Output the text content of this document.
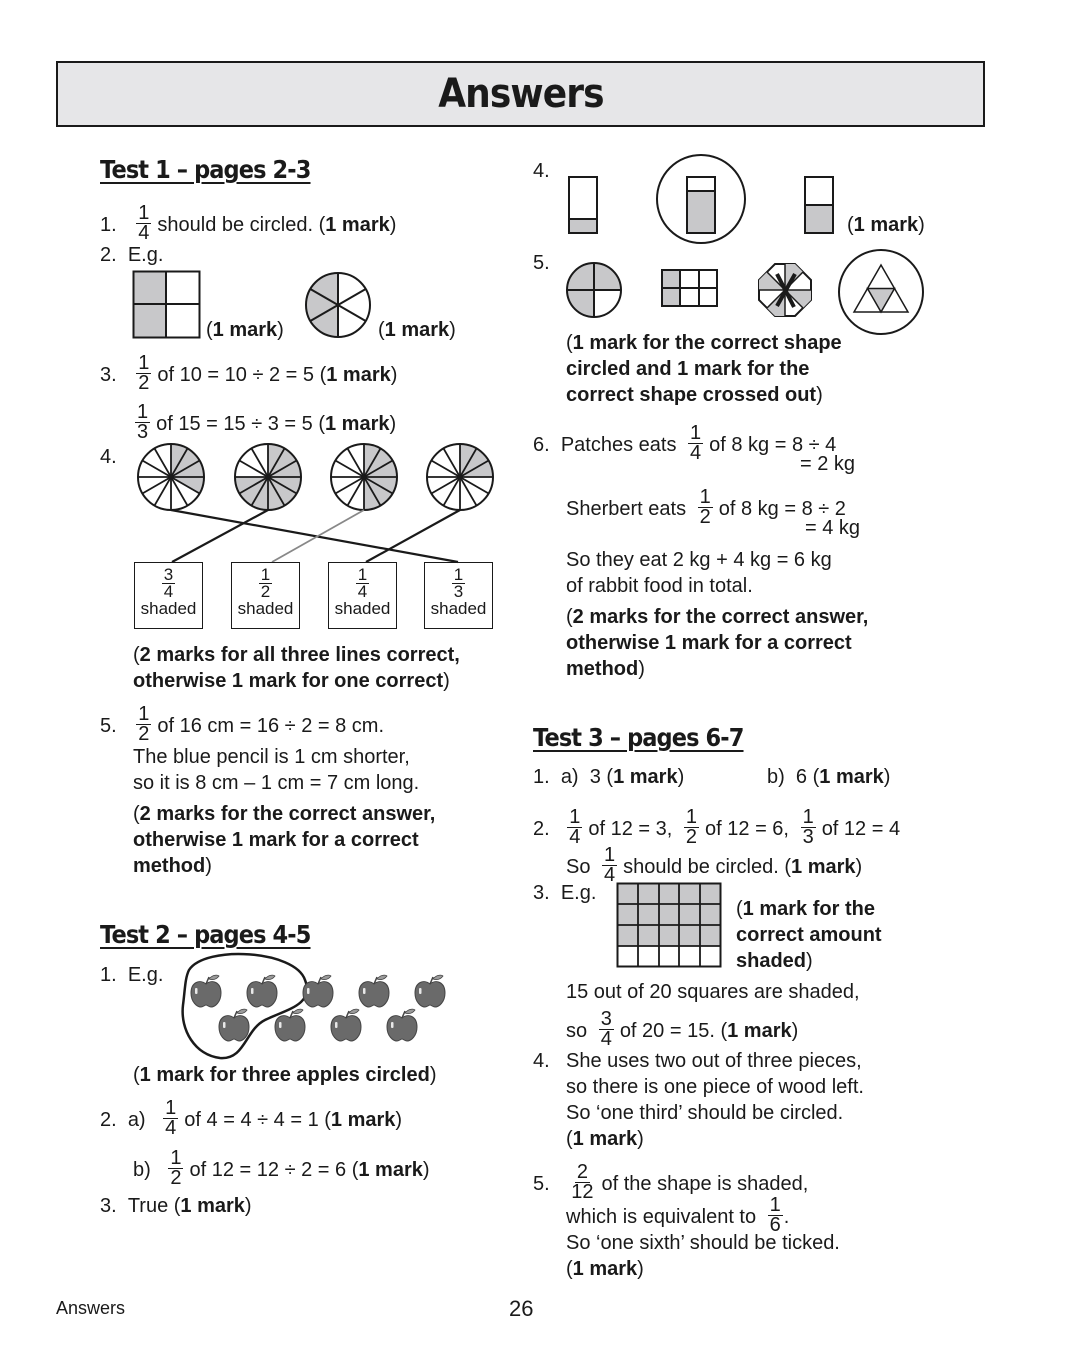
Answers
Test 1 – pages 2-3
1. $\frac{1}{4}$ should be circled. (1 mark)
2. E.g.
(1 mark)	(1 mark)
3. $\frac{1}{2}$ of 10 = 10 ÷ 2 = 5 (1 mark)
$\frac{1}{3}$ of 15 = 15 ÷ 3 = 5 (1 mark)
4.
$\frac{3}{4}$

shaded
$\frac{1}{2}$

shaded
$\frac{1}{4}$

shaded
$\frac{1}{3}$

shaded
(2 marks for all three lines correct,
otherwise 1 mark for one correct)
5. $\frac{1}{2}$ of 16 cm = 16 ÷ 2 = 8 cm.
The blue pencil is 1 cm shorter,
so it is 8 cm – 1 cm = 7 cm long.
(2 marks for the correct answer,
otherwise 1 mark for a correct
method)
Test 2 – pages 4-5
1. E.g.
(1 mark for three apples circled)
2. $a) \frac{1}{4}$ of 4 = 4 ÷ 4 = 1 (1 mark)
$b) \frac{1}{2}$ of 12 = 12 ÷ 2 = 6 (1 mark)
3. True (1 mark)
4.
(1 mark)
5.
(1 mark for the correct shape
circled and 1 mark for the
correct shape crossed out)
6. Patches eats $\frac{1}{4}$ of 8 kg = 8 ÷ 4
= 2 kg
Sherbert eats $\frac{1}{2}$ of 8 kg = 8 ÷ 2
= 4 kg
So they eat 2 kg + 4 kg = 6 kg
of rabbit food in total.
(2 marks for the correct answer,
otherwise 1 mark for a correct
method)
Test 3 – pages 6-7
1. a) 3 (1 mark)	b) 6 (1 mark)
2. $\frac{1}{4}$ of 12 = 3, $\frac{1}{2}$ of 12 = 6, $\frac{1}{3}$ of 12 = 4
So $\frac{1}{4}$ should be circled. (1 mark)
3. E.g.
(1 mark for the
correct amount
shaded)
15 out of 20 squares are shaded,
so $\frac{3}{4}$ of 20 = 15. (1 mark)
4. She uses two out of three pieces,
so there is one piece of wood left.
So ‘one third’ should be circled.
(1 mark)
5. $\frac{2}{12}$ of the shape is shaded,
which is equivalent to $\frac{1}{6}$ .
So ‘one sixth’ should be ticked.
(1 mark)
Answers	26
